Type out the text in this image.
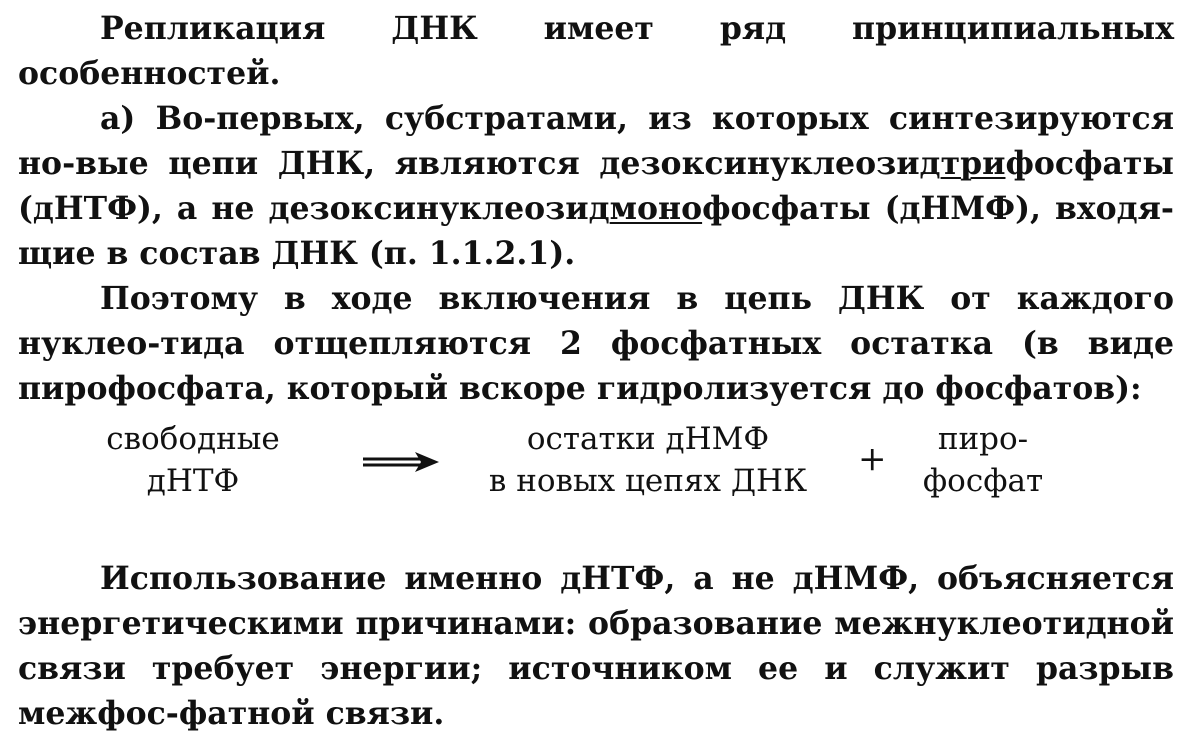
Репликация ДНК имеет ряд принципиальных особенностей.

а) Во-первых, субстратами, из которых синтезируются но-вые цепи ДНК, являются дезоксинуклеозидтрифосфаты (дНТФ), а не дезоксинуклеозидмонофосфаты (дНМФ), входя-щие в состав ДНК (п. 1.1.2.1).

Поэтому в ходе включения в цепь ДНК от каждого нуклео-тида отщепляются 2 фосфатных остатка (в виде пирофосфата, который вскоре гидролизуется до фосфатов):

свободные
дНТФ
остатки дНМФ
в новых цепях ДНК
+	пиро-
фосфат

Использование именно дНТФ, а не дНМФ, объясняется энергетическими причинами: образование межнуклеотидной связи требует энергии; источником ее и служит разрыв межфос-фатной связи.
